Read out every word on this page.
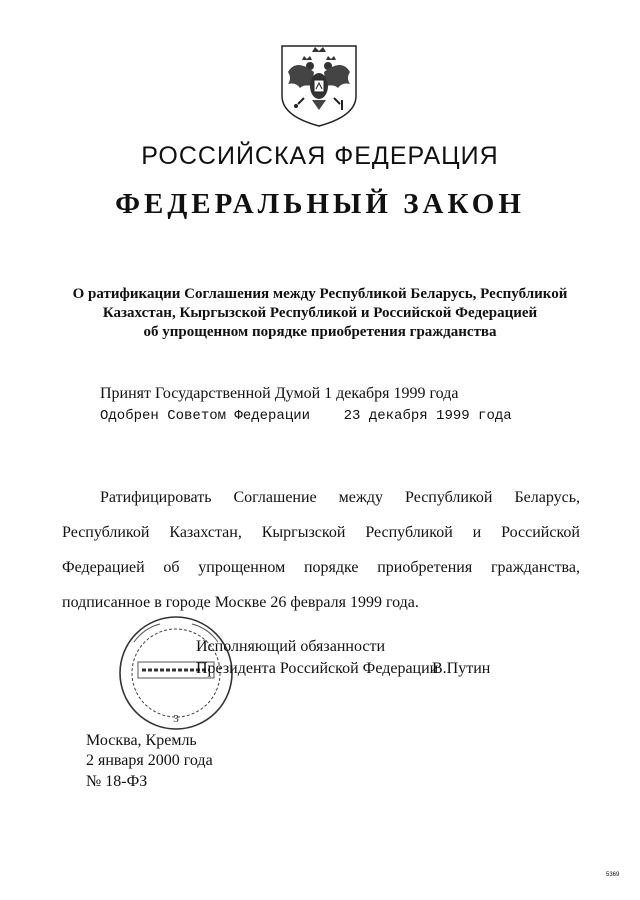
РОССИЙСКАЯ ФЕДЕРАЦИЯ
ФЕДЕРАЛЬНЫЙ ЗАКОН
О ратификации Соглашения между Республикой Беларусь, Республикой
Казахстан, Кыргызской Республикой и Российской Федерацией
об упрощенном порядке приобретения гражданства
Принят Государственной Думой 1 декабря 1999 года
Одобрен Советом Федерации    23 декабря 1999 года
Ратифицировать Соглашение между Республикой Беларусь, Республикой Казахстан, Кыргызской Республикой и Российской Федерацией об упрощенном порядке приобретения гражданства, подписанное в городе Москве 26 февраля 1999 года.
3
Исполняющий обязанности
Президента Российской Федерации
В.Путин
Москва, Кремль
2 января 2000 года
№ 18-ФЗ
5369
